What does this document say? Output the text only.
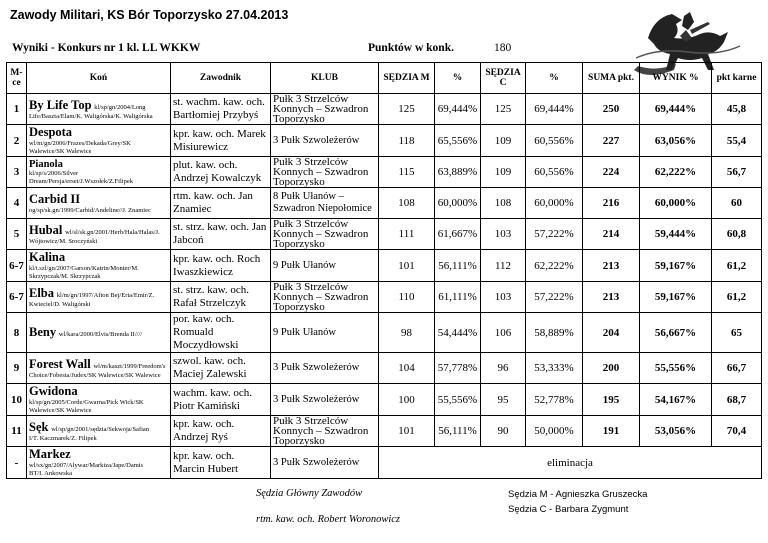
Zawody Militari, KS Bór Toporzysko 27.04.2013
Wyniki - Konkurs nr 1 kl. LL WKKW	Punktów w konk.	180
M-ce	Koń	Zawodnik	KLUB	SĘDZIA M	%	SĘDZIA C	%	SUMA pkt.	WYNIK %	pkt karne
1	By Life Top kl/sp/gn/2004/Long
Life/Baszta/Elam/K. Waligórska/K. Waligórska	st. wachm. kaw. och. Bartłomiej Przybyś	Pułk 3 Strzelców Konnych – Szwadron Toporzysko	125	69,444%	125	69,444%	250	69,444%	45,8
2	Despota
wl/m/gn/2006/Frazes/Dekada/Grey/SK
Walewice/SK Walewice	kpr. kaw. och. Marek Misiurewicz	3 Pułk Szwoleżerów	118	65,556%	109	60,556%	227	63,056%	55,4
3	Pianola
kl/sp/s/2006/Silver
Dream/Persja/erset/J.Wszołek/Z.Filipek	plut. kaw. och. Andrzej Kowalczyk	Pułk 3 Strzelców Konnych – Szwadron Toporzysko	115	63,889%	109	60,556%	224	62,222%	56,7
4	Carbid II
og/sp/sk.gn/1999/Carbid/Andeline//J. Znamiec	rtm. kaw. och. Jan Znamiec	8 Pułk Ułanów – Szwadron Niepołomice	108	60,000%	108	60,000%	216	60,000%	60
5	Hubal wl/sl/sk.gn/2001/Herb/Hala/Halas/J.
Wójtowicz/M. Sroczyński	st. strz. kaw. och. Jan Jabcoń	Pułk 3 Strzelców Konnych – Szwadron Toporzysko	111	61,667%	103	57,222%	214	59,444%	60,8
6-7	Kalina
kl/t.szl/gn/2007/Garson/Katrin/Monter/M.
Skrzypczak/M. Skrzypczak	kpr. kaw. och. Roch Iwaszkiewicz	9 Pułk Ułanów	101	56,111%	112	62,222%	213	59,167%	61,2
6-7	Elba kl/m/gn/1997/Afton Bej/Eria/Emir/Z.
Kwieciel/D. Waligórski	st. strz. kaw. och. Rafał Strzelczyk	Pułk 3 Strzelców Konnych – Szwadron Toporzysko	110	61,111%	103	57,222%	213	59,167%	61,2
8	Beny wl/kara/2000/Elvis/Brenda II////	por. kaw. och. Romuald Moczydłowski	9 Pułk Ułanów	98	54,444%	106	58,889%	204	56,667%	65
9	Forest Wall wl/m/kaszt/1999/Freedom's
Choice/Fobesta/Judex/SK Walewice/SK Walewice	szwol. kaw. och. Maciej Zalewski	3 Pułk Szwoleżerów	104	57,778%	96	53,333%	200	55,556%	66,7
10	Gwidona
kl/sp/gn/2005/Corde/Gwarna/Pick Wick/SK
Walewice/SK Walewice	wachm. kaw. och. Piotr Kamiński	3 Pułk Szwoleżerów	100	55,556%	95	52,778%	195	54,167%	68,7
11	Sęk wl/sp/gn/2001/sędzia/Sekwoja/Safian
I/T. Kaczmarek/Z. Filipek	kpr. kaw. och. Andrzej Ryś	Pułk 3 Strzelców Konnych – Szwadron Toporzysko	101	56,111%	90	50,000%	191	53,056%	70,4
-	Markez
wl/sx/gn/2007/Alywar/Markiza/Jape/Damis
BT/I. Ankowska	kpr. kaw. och. Marcin Hubert	3 Pułk Szwoleżerów	eliminacja						
Sędzia Główny Zawodów
rtm. kaw. och. Robert Woronowicz
Sędzia M - Agnieszka Gruszecka
Sędzia C - Barbara Zygmunt
